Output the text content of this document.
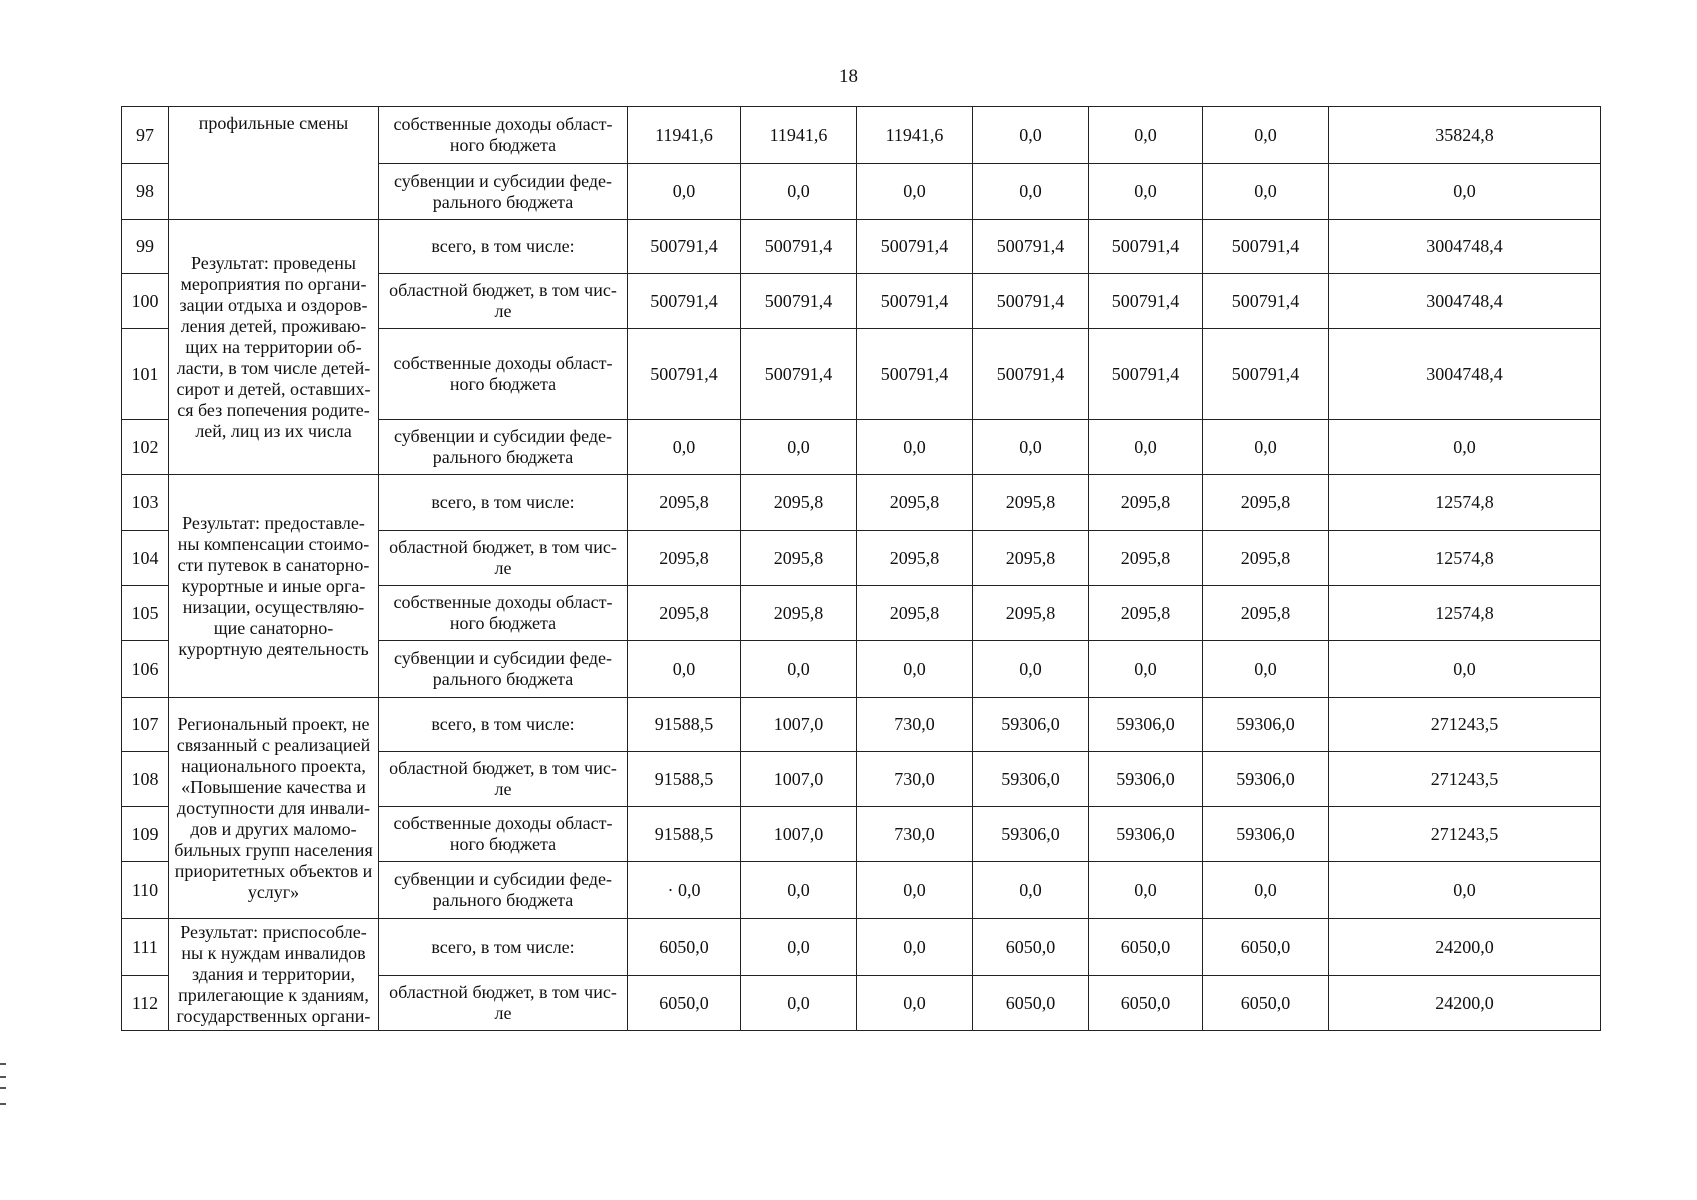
18
97	профильные смены	собственные доходы област-ного бюджета	11941,6	11941,6	11941,6	0,0	0,0	0,0	35824,8
98		субвенции и субсидии феде-рального бюджета	0,0	0,0	0,0	0,0	0,0	0,0	0,0
99	Результат: проведены мероприятия по органи-зации отдыха и оздоров-ления детей, проживаю-щих на территории об-ласти, в том числе детей-сирот и детей, оставших-ся без попечения родите-лей, лиц из их числа	всего, в том числе:	500791,4	500791,4	500791,4	500791,4	500791,4	500791,4	3004748,4
100		областной бюджет, в том чис-ле	500791,4	500791,4	500791,4	500791,4	500791,4	500791,4	3004748,4
101		собственные доходы област-ного бюджета	500791,4	500791,4	500791,4	500791,4	500791,4	500791,4	3004748,4
102		субвенции и субсидии феде-рального бюджета	0,0	0,0	0,0	0,0	0,0	0,0	0,0
103	Результат: предоставле-ны компенсации стоимо-сти путевок в санаторно-курортные и иные орга-низации, осуществляю-щие санаторно-курортную деятельность	всего, в том числе:	2095,8	2095,8	2095,8	2095,8	2095,8	2095,8	12574,8
104		областной бюджет, в том чис-ле	2095,8	2095,8	2095,8	2095,8	2095,8	2095,8	12574,8
105		собственные доходы област-ного бюджета	2095,8	2095,8	2095,8	2095,8	2095,8	2095,8	12574,8
106		субвенции и субсидии феде-рального бюджета	0,0	0,0	0,0	0,0	0,0	0,0	0,0
107	Региональный проект, не связанный с реализацией национального проекта, «Повышение качества и доступности для инвали-дов и других маломо-бильных групп населения приоритетных объектов и услуг»	всего, в том числе:	91588,5	1007,0	730,0	59306,0	59306,0	59306,0	271243,5
108		областной бюджет, в том чис-ле	91588,5	1007,0	730,0	59306,0	59306,0	59306,0	271243,5
109		собственные доходы област-ного бюджета	91588,5	1007,0	730,0	59306,0	59306,0	59306,0	271243,5
110		субвенции и субсидии феде-рального бюджета	· 0,0	0,0	0,0	0,0	0,0	0,0	0,0
111	Результат: приспособле-ны к нуждам инвалидов здания и территории, прилегающие к зданиям, государственных органи-	всего, в том числе:	6050,0	0,0	0,0	6050,0	6050,0	6050,0	24200,0
112		областной бюджет, в том чис-ле	6050,0	0,0	0,0	6050,0	6050,0	6050,0	24200,0
